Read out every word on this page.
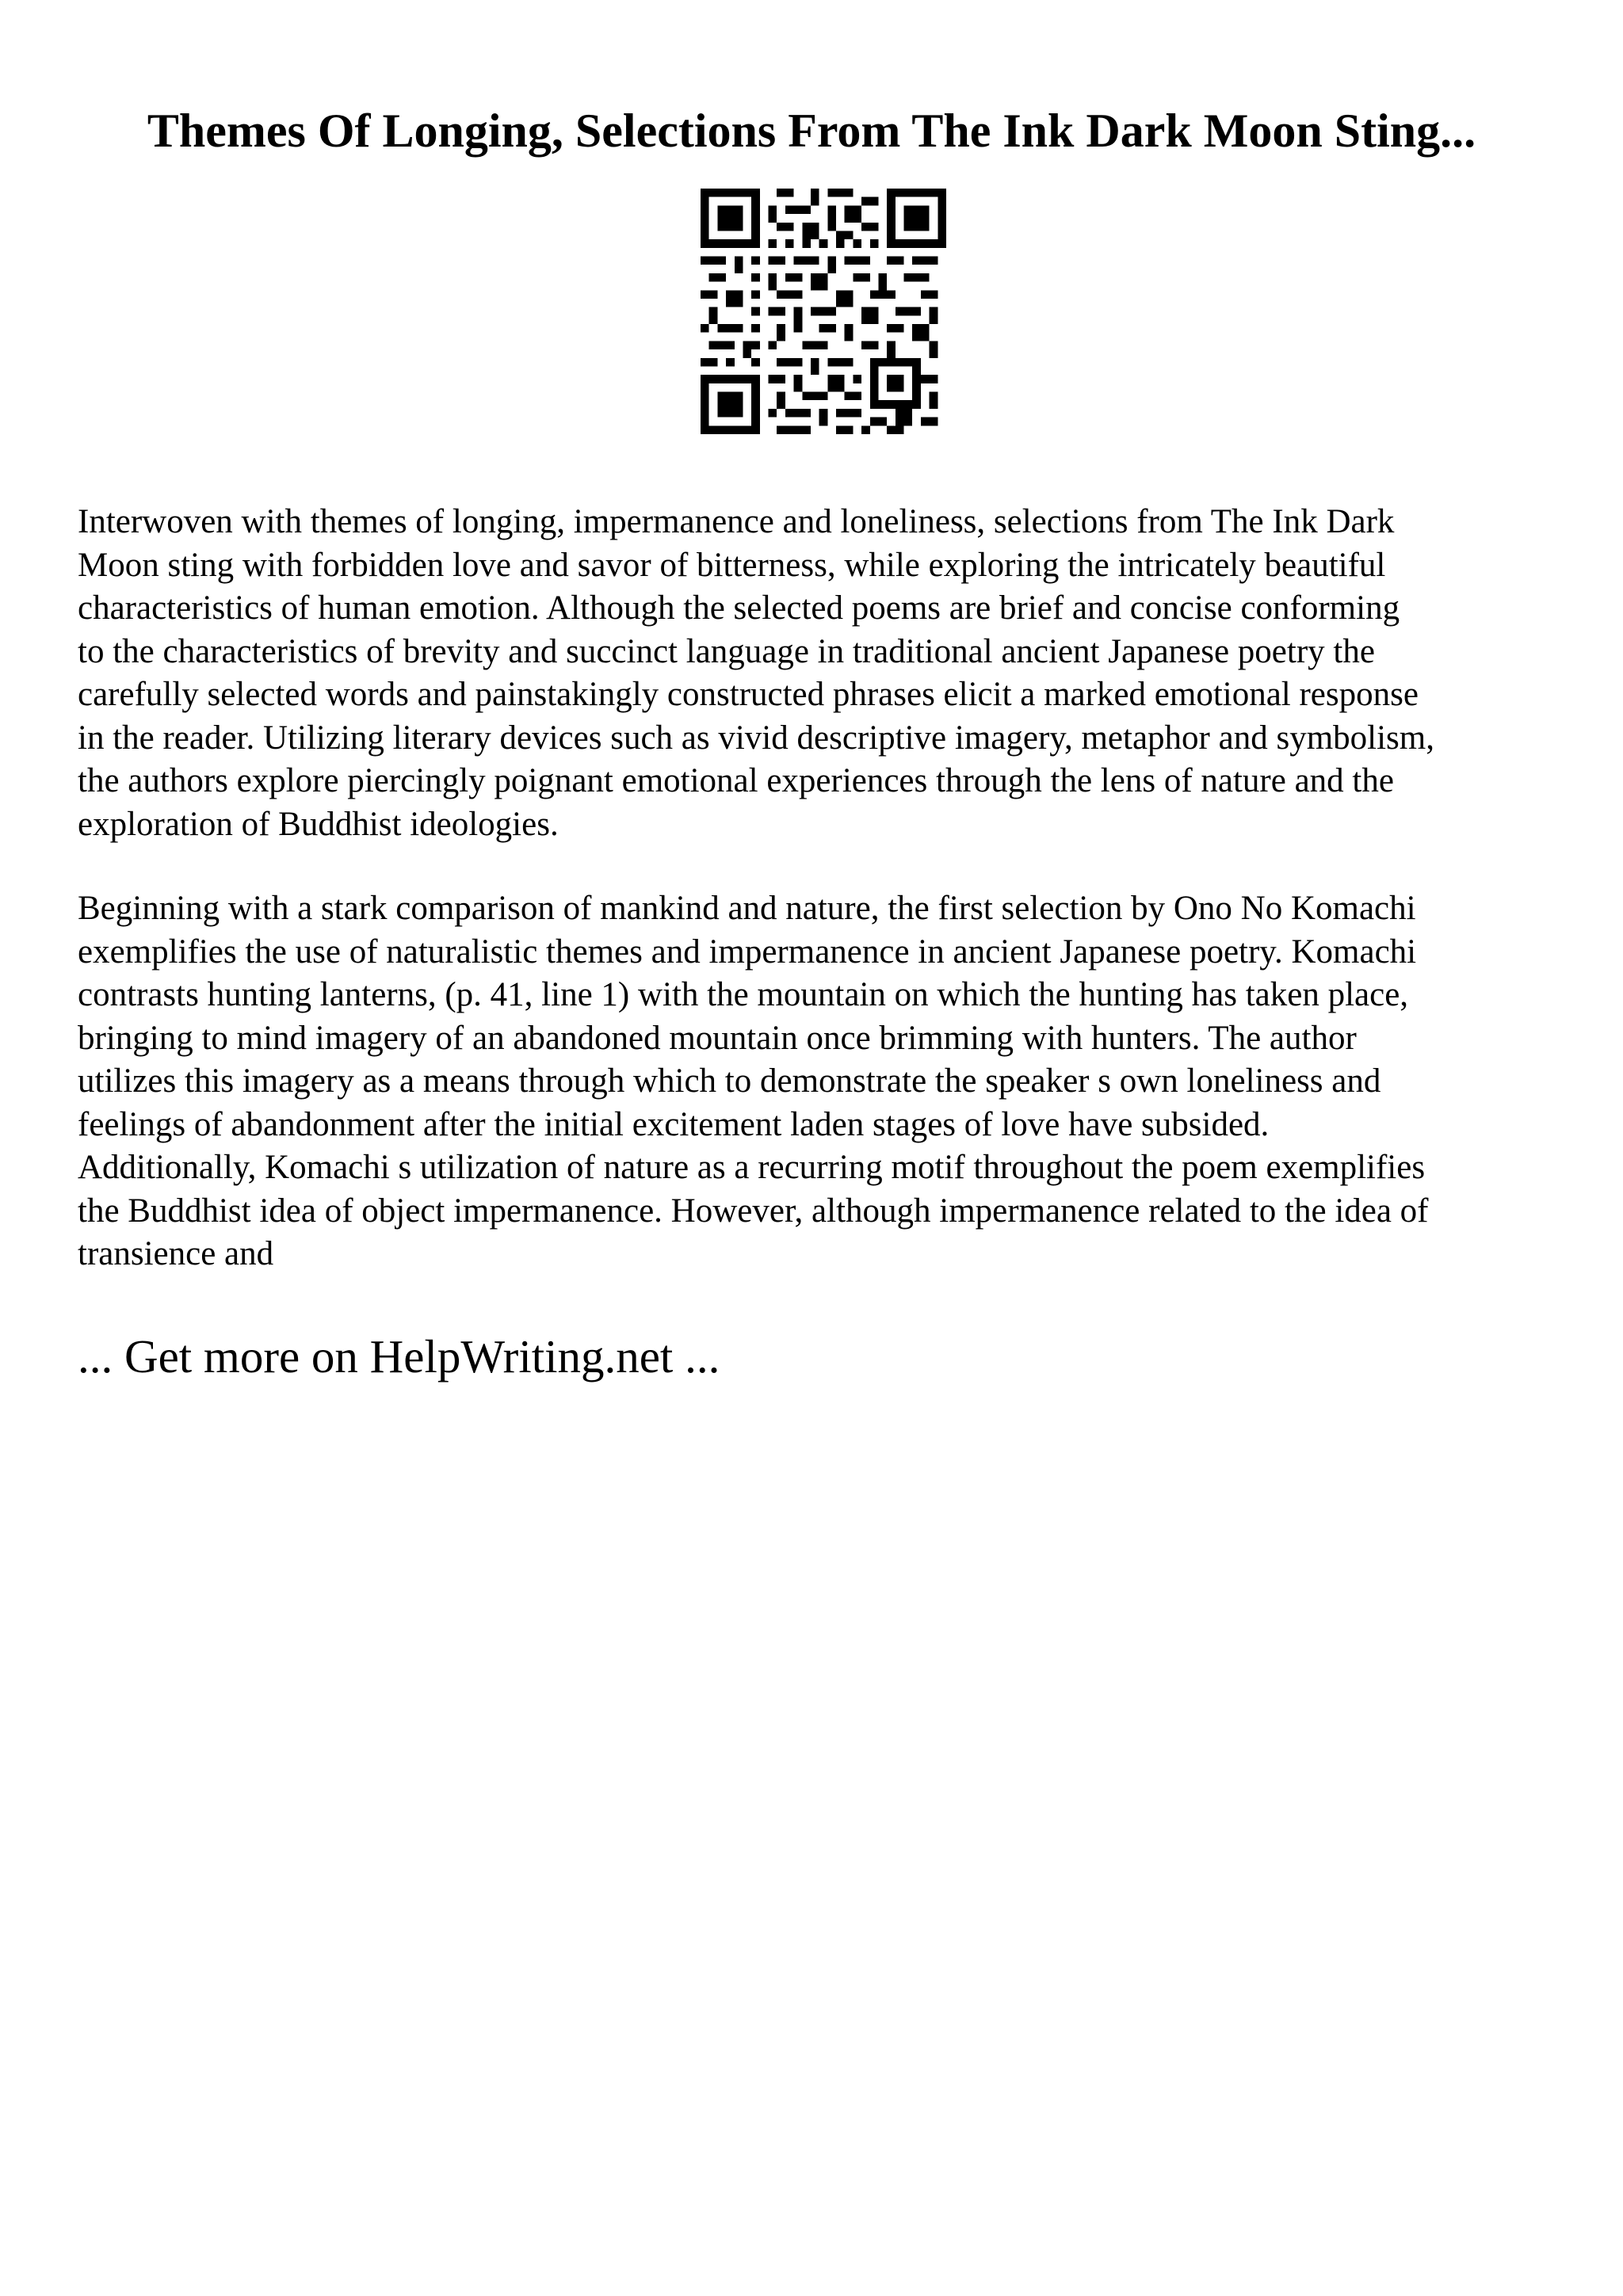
Themes Of Longing, Selections From The Ink Dark Moon Sting...

Interwoven with themes of longing, impermanence and loneliness, selections from The Ink Dark
Moon sting with forbidden love and savor of bitterness, while exploring the intricately beautiful
characteristics of human emotion. Although the selected poems are brief and concise conforming
to the characteristics of brevity and succinct language in traditional ancient Japanese poetry the
carefully selected words and painstakingly constructed phrases elicit a marked emotional response
in the reader. Utilizing literary devices such as vivid descriptive imagery, metaphor and symbolism,
the authors explore piercingly poignant emotional experiences through the lens of nature and the
exploration of Buddhist ideologies.

Beginning with a stark comparison of mankind and nature, the first selection by Ono No Komachi
exemplifies the use of naturalistic themes and impermanence in ancient Japanese poetry. Komachi
contrasts hunting lanterns, (p. 41, line 1) with the mountain on which the hunting has taken place,
bringing to mind imagery of an abandoned mountain once brimming with hunters. The author
utilizes this imagery as a means through which to demonstrate the speaker s own loneliness and
feelings of abandonment after the initial excitement laden stages of love have subsided.
Additionally, Komachi s utilization of nature as a recurring motif throughout the poem exemplifies
the Buddhist idea of object impermanence. However, although impermanence related to the idea of
transience and

... Get more on HelpWriting.net ...
